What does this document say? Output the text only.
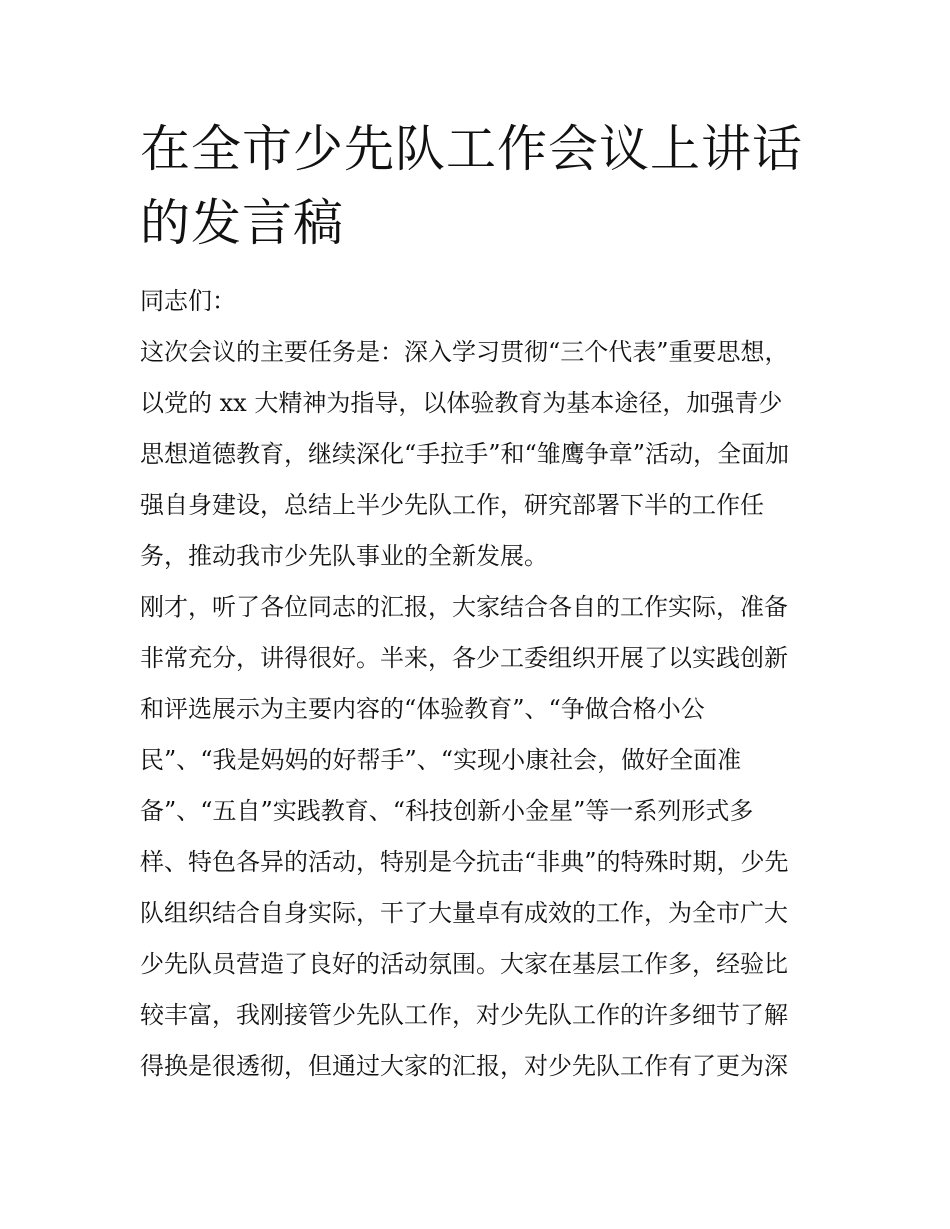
在全市少先队工作会议上讲话
的发言稿
同志们：
这次会议的主要任务是：深入学习贯彻“三个代表”重要思想，
以党的 xx 大精神为指导，以体验教育为基本途径，加强青少
思想道德教育，继续深化“手拉手”和“雏鹰争章”活动，全面加
强自身建设，总结上半少先队工作，研究部署下半的工作任
务，推动我市少先队事业的全新发展。
刚才，听了各位同志的汇报，大家结合各自的工作实际，准备
非常充分，讲得很好。半来，各少工委组织开展了以实践创新
和评选展示为主要内容的“体验教育”、“争做合格小公
民”、“我是妈妈的好帮手”、“实现小康社会，做好全面准
备”、“五自”实践教育、“科技创新小金星”等一系列形式多
样、特色各异的活动，特别是今抗击“非典”的特殊时期，少先
队组织结合自身实际，干了大量卓有成效的工作，为全市广大
少先队员营造了良好的活动氛围。大家在基层工作多，经验比
较丰富，我刚接管少先队工作，对少先队工作的许多细节了解
得换是很透彻，但通过大家的汇报，对少先队工作有了更为深
